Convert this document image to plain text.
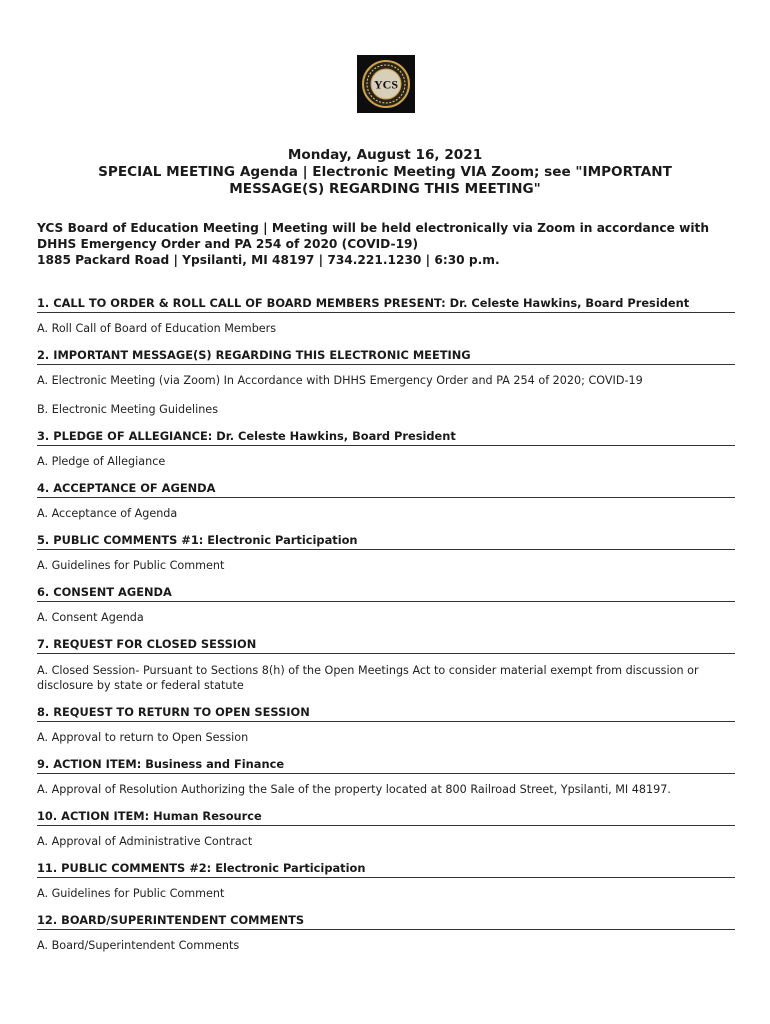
YCS
Monday, August 16, 2021
SPECIAL MEETING Agenda | Electronic Meeting VIA Zoom; see "IMPORTANT
MESSAGE(S) REGARDING THIS MEETING"
YCS Board of Education Meeting | Meeting will be held electronically via Zoom in accordance with
DHHS Emergency Order and PA 254 of 2020 (COVID-19)
1885 Packard Road | Ypsilanti, MI 48197 | 734.221.1230 | 6:30 p.m.
1. CALL TO ORDER & ROLL CALL OF BOARD MEMBERS PRESENT: Dr. Celeste Hawkins, Board President
A. Roll Call of Board of Education Members
2. IMPORTANT MESSAGE(S) REGARDING THIS ELECTRONIC MEETING
A. Electronic Meeting (via Zoom) In Accordance with DHHS Emergency Order and PA 254 of 2020; COVID-19
B. Electronic Meeting Guidelines
3. PLEDGE OF ALLEGIANCE: Dr. Celeste Hawkins, Board President
A. Pledge of Allegiance
4. ACCEPTANCE OF AGENDA
A. Acceptance of Agenda
5. PUBLIC COMMENTS #1: Electronic Participation
A. Guidelines for Public Comment
6. CONSENT AGENDA
A. Consent Agenda
7. REQUEST FOR CLOSED SESSION
A. Closed Session- Pursuant to Sections 8(h) of the Open Meetings Act to consider material exempt from discussion or disclosure by state or federal statute
8. REQUEST TO RETURN TO OPEN SESSION
A. Approval to return to Open Session
9. ACTION ITEM: Business and Finance
A. Approval of Resolution Authorizing the Sale of the property located at 800 Railroad Street, Ypsilanti, MI 48197.
10. ACTION ITEM: Human Resource
A. Approval of Administrative Contract
11. PUBLIC COMMENTS #2: Electronic Participation
A. Guidelines for Public Comment
12. BOARD/SUPERINTENDENT COMMENTS
A. Board/Superintendent Comments
